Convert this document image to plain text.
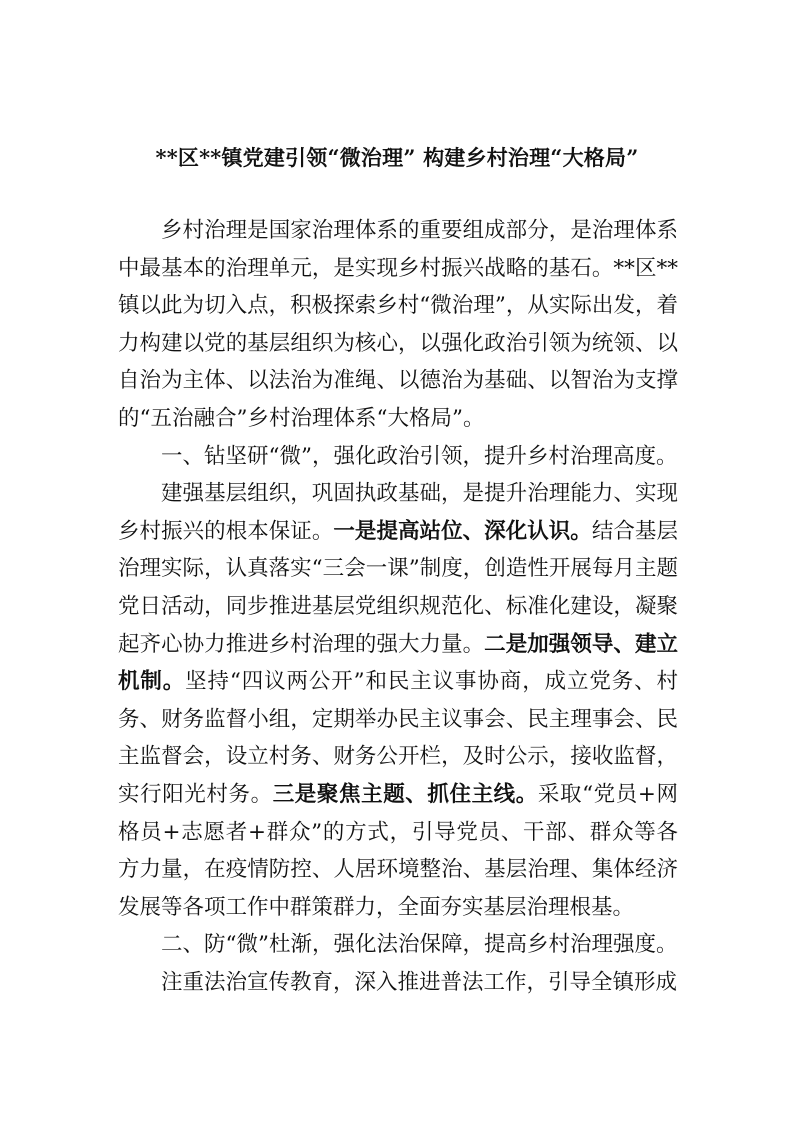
**区**镇党建引领“微治理” 构建乡村治理“大格局”

乡村治理是国家治理体系的重要组成部分，是治理体系中最基本的治理单元，是实现乡村振兴战略的基石。**区**镇以此为切入点，积极探索乡村“微治理”，从实际出发，着力构建以党的基层组织为核心，以强化政治引领为统领、以自治为主体、以法治为准绳、以德治为基础、以智治为支撑的“五治融合”乡村治理体系“大格局”。

一、钻坚研“微”，强化政治引领，提升乡村治理高度。

建强基层组织，巩固执政基础，是提升治理能力、实现乡村振兴的根本保证。一是提高站位、深化认识。结合基层治理实际，认真落实“三会一课”制度，创造性开展每月主题党日活动，同步推进基层党组织规范化、标准化建设，凝聚起齐心协力推进乡村治理的强大力量。二是加强领导、建立机制。坚持“四议两公开”和民主议事协商，成立党务、村务、财务监督小组，定期举办民主议事会、民主理事会、民主监督会，设立村务、财务公开栏，及时公示，接收监督，实行阳光村务。三是聚焦主题、抓住主线。采取“党员+网格员+志愿者+群众”的方式，引导党员、干部、群众等各方力量，在疫情防控、人居环境整治、基层治理、集体经济发展等各项工作中群策群力，全面夯实基层治理根基。

二、防“微”杜渐，强化法治保障，提高乡村治理强度。

注重法治宣传教育，深入推进普法工作，引导全镇形成
